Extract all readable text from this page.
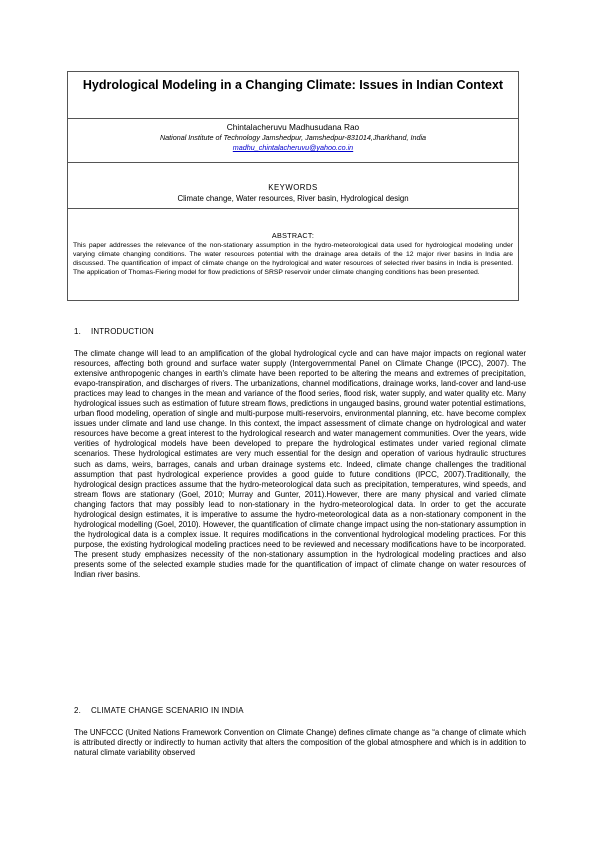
Hydrological Modeling in a Changing Climate: Issues in Indian Context
Chintalacheruvu Madhusudana Rao
National Institute of Technology Jamshedpur, Jamshedpur-831014,Jharkhand, India
madhu_chintalacheruvu@yahoo.co.in
KEYWORDS
Climate change, Water resources, River basin, Hydrological design
ABSTRACT:
This paper addresses the relevance of the non-stationary assumption in the hydro-meteorological data used for hydrological modeling under varying climate changing conditions. The water resources potential with the drainage area details of the 12 major river basins in India are discussed. The quantification of impact of climate change on the hydrological and water resources of selected river basins in India is presented. The application of Thomas-Fiering model for flow predictions of SRSP reservoir under climate changing conditions has been presented.
1. INTRODUCTION

The climate change will lead to an amplification of the global hydrological cycle and can have major impacts on regional water resources, affecting both ground and surface water supply (Intergovernmental Panel on Climate Change (IPCC), 2007). The extensive anthropogenic changes in earth's climate have been reported to be altering the means and extremes of precipitation, evapo-transpiration, and discharges of rivers. The urbanizations, channel modifications, drainage works, land-cover and land-use practices may lead to changes in the mean and variance of the flood series, flood risk, water supply, and water quality etc. Many hydrological issues such as estimation of future stream flows, predictions in ungauged basins, ground water potential estimations, urban flood modeling, operation of single and multi-purpose multi-reservoirs, environmental planning, etc. have become complex issues under climate and land use change. In this context, the impact assessment of climate change on hydrological and water resources have become a great interest to the hydrological research and water management communities. Over the years, wide verities of hydrological models have been developed to prepare the hydrological estimates under varied regional climate scenarios. These hydrological estimates are very much essential for the design and operation of various hydraulic structures such as dams, weirs, barrages, canals and urban drainage systems etc. Indeed, climate change challenges the traditional assumption that past hydrological experience provides a good guide to future conditions (IPCC, 2007).Traditionally, the hydrological design practices assume that the hydro-meteorological data such as precipitation, temperatures, wind speeds, and stream flows are stationary (Goel, 2010; Murray and Gunter, 2011).However, there are many physical and varied climate changing factors that may possibly lead to non-stationary in the hydro-meteorological data. In order to get the accurate hydrological design estimates, it is imperative to assume the hydro-meteorological data as a non-stationary component in the hydrological modelling (Goel, 2010). However, the quantification of climate change impact using the non-stationary assumption in the hydrological data is a complex issue. It requires modifications in the conventional hydrological modeling practices. For this purpose, the existing hydrological modeling practices need to be reviewed and necessary modifications have to be incorporated. The present study emphasizes necessity of the non-stationary assumption in the hydrological modeling practices and also presents some of the selected example studies made for the quantification of impact of climate change on water resources of Indian river basins.

2. CLIMATE CHANGE SCENARIO IN INDIA

The UNFCCC (United Nations Framework Convention on Climate Change) defines climate change as “a change of climate which is attributed directly or indirectly to human activity that alters the composition of the global atmosphere and which is in addition to natural climate variability observed
